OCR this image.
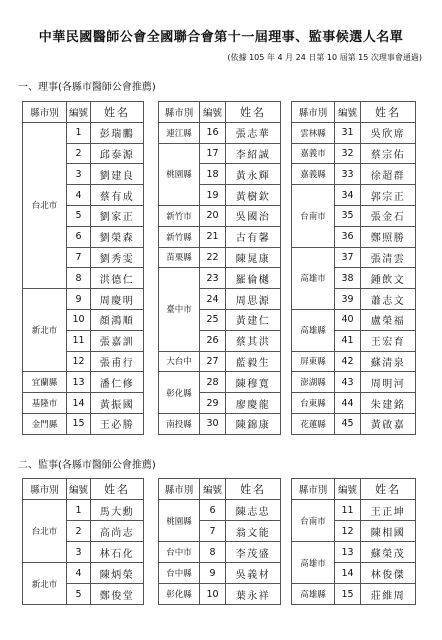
中華民國醫師公會全國聯合會第十一屆理事、監事候選人名單
(依據 105 年 4 月 24 日第 10 屆第 15 次理事會通過)
一、理事(各縣市醫師公會推薦)
縣市別	編號	姓名
台北市	1	彭瑞鵬
	2	邱泰源
	3	劉建良
	4	蔡有成
	5	劉家正
	6	劉榮森
	7	劉秀雯
	8	洪德仁
新北市	9	周慶明
	10	顏鴻順
	11	張嘉訓
	12	張甫行
宜蘭縣	13	潘仁修
基隆市	14	黃振國
金門縣	15	王必勝
縣市別	編號	姓名
連江縣	16	張志華
桃園縣	17	李紹誠
	18	黃永輝
	19	黃樹欽
新竹市	20	吳國治
新竹縣	21	古有馨
苗栗縣	22	陳晁康
臺中市	23	羅倫樾
	24	周思源
	25	黃建仁
	26	蔡其洪
大台中	27	藍毅生
彰化縣	28	陳穆寬
	29	廖慶龍
南投縣	30	陳錦康
縣市別	編號	姓名
雲林縣	31	吳欣席
嘉義市	32	蔡宗佑
嘉義縣	33	徐超群
台南市	34	郭宗正
	35	張金石
	36	鄭照勝
高雄市	37	張清雲
	38	鍾飲文
	39	蕭志文
高雄縣	40	盧榮福
	41	王宏育
屏東縣	42	蘇清泉
澎湖縣	43	周明河
台東縣	44	朱建銘
花蓮縣	45	黃啟嘉
二、監事(各縣市醫師公會推薦)
縣市別	編號	姓名
台北市	1	馬大勳
	2	高尚志
	3	林石化
新北市	4	陳炳榮
	5	鄭俊堂
縣市別	編號	姓名
桃園縣	6	陳志忠
	7	翁文能
台中市	8	李茂盛
台中縣	9	吳義材
彰化縣	10	葉永祥
縣市別	編號	姓名
台南市	11	王正坤
	12	陳相國
高雄市	13	蘇榮茂
	14	林俊傑
高雄縣	15	莊維周
